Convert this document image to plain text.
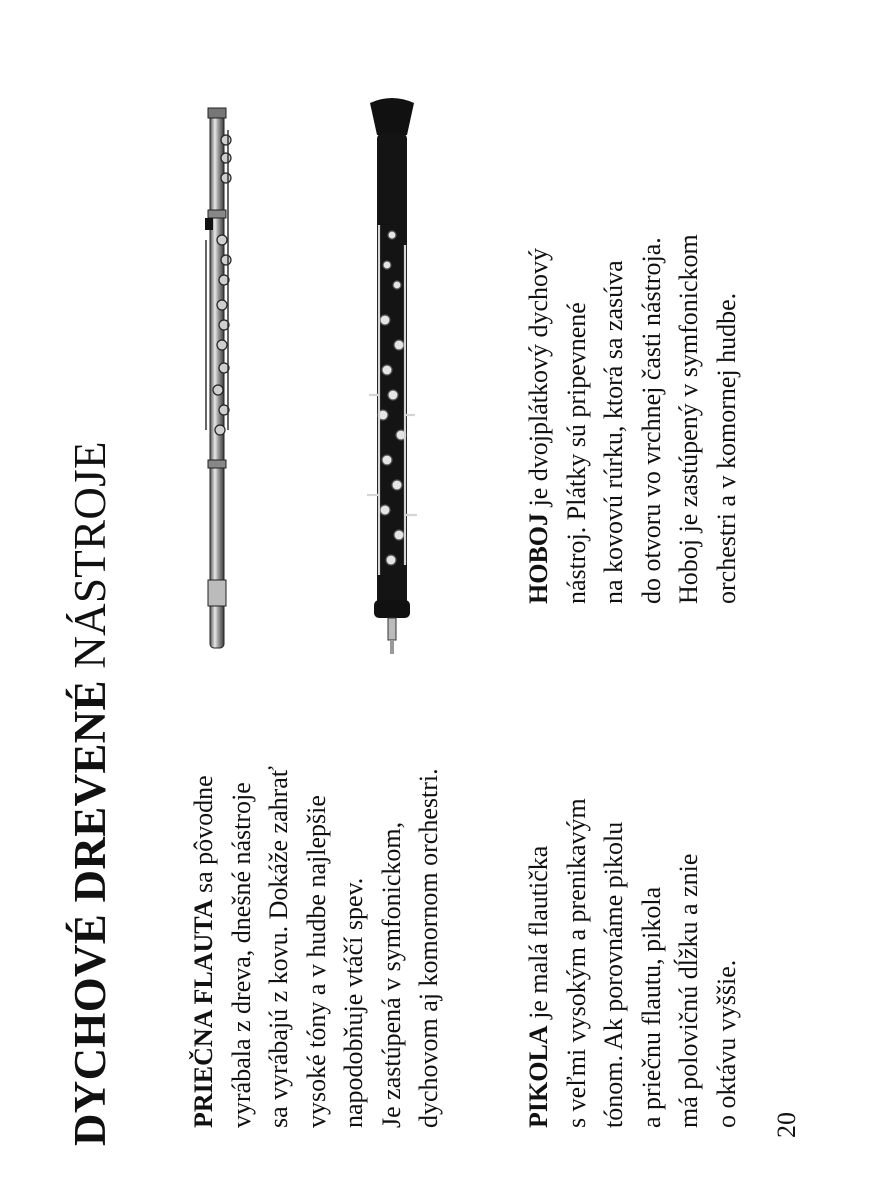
DYCHOVÉ DREVENÉ NÁSTROJE
PRIEČNA FLAUTA sa pôvodne vyrábala z dreva, dnešné nástroje sa vyrábajú z kovu. Dokáže zahrať vysoké tóny a v hudbe najlepšie napodobňuje vtáčí spev. Je zastúpená v symfonickom, dychovom aj komornom orchestri.	PIKOLA je malá flautička s veľmi vysokým a prenikavým tónom. Ak porovnáme pikolu a priečnu flautu, pikola má polovičnú dĺžku a znie o oktávu vyššie.
HOBOJ je dvojplátkový dychový nástroj. Plátky sú pripevnené na kovovú rúrku, ktorá sa zasúva do otvoru vo vrchnej časti nástroja. Hoboj je zastúpený v symfonickom orchestri a v komornej hudbe.
20
